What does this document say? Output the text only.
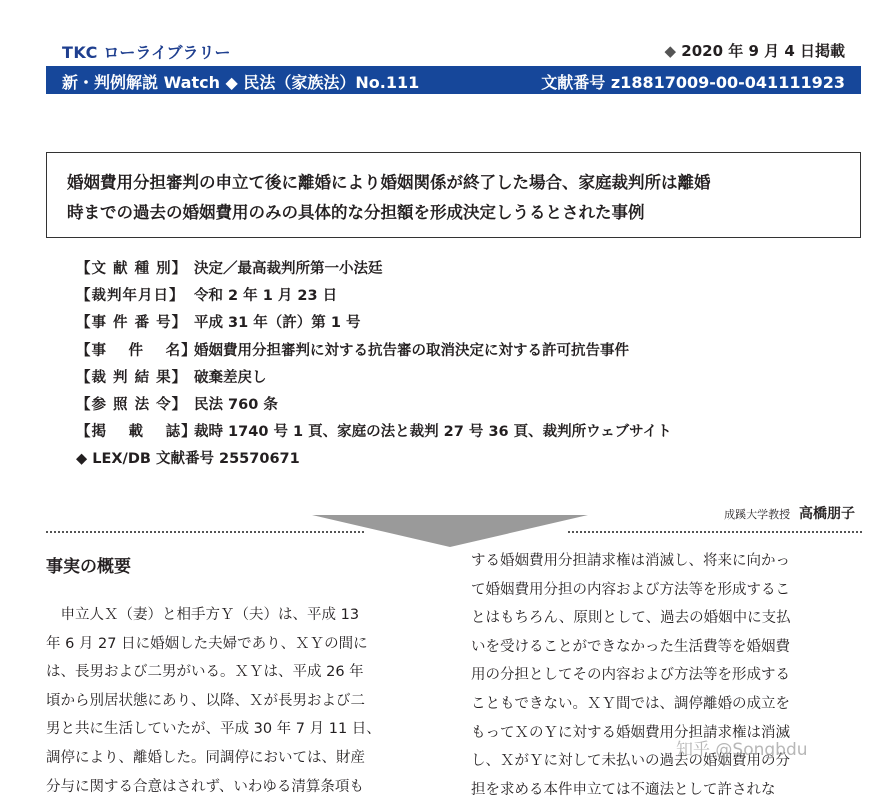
TKC ローライブラリー	◆ 2020 年 9 月 4 日掲載
新・判例解説 Watch ◆ 民法（家族法）No.111	文献番号 z18817009-00-041111923
婚姻費用分担審判の申立て後に離婚により婚姻関係が終了した場合、家庭裁判所は離婚
時までの過去の婚姻費用のみの具体的な分担額を形成決定しうるとされた事例
【文 献 種 別】 決定／最高裁判所第一小法廷
【裁判年月日】 令和 2 年 1 月 23 日
【事 件 番 号】 平成 31 年（許）第 1 号
【事 　件 　名】婚姻費用分担審判に対する抗告審の取消決定に対する許可抗告事件
【裁 判 結 果】 破棄差戻し
【参 照 法 令】 民法 760 条
【掲 　載 　誌】裁時 1740 号 1 頁、家庭の法と裁判 27 号 36 頁、裁判所ウェブサイト
◆ LEX/DB 文献番号 25570671
成蹊大学教授 高橋朋子
事実の概要
　申立人Ｘ（妻）と相手方Ｙ（夫）は、平成 13
年 6 月 27 日に婚姻した夫婦であり、ＸＹの間に
は、長男および二男がいる。ＸＹは、平成 26 年
頃から別居状態にあり、以降、Ｘが長男および二
男と共に生活していたが、平成 30 年 7 月 11 日、
調停により、離婚した。同調停においては、財産
分与に関する合意はされず、いわゆる清算条項も
する婚姻費用分担請求権は消滅し、将来に向かっ
て婚姻費用分担の内容および方法等を形成するこ
とはもちろん、原則として、過去の婚姻中に支払
いを受けることができなかった生活費等を婚姻費
用の分担としてその内容および方法等を形成する
こともできない。ＸＹ間では、調停離婚の成立を
もってＸのＹに対する婚姻費用分担請求権は消滅
し、ＸがＹに対して未払いの過去の婚姻費用の分
担を求める本件申立ては不適法として許されな
知乎 @Songbdu
